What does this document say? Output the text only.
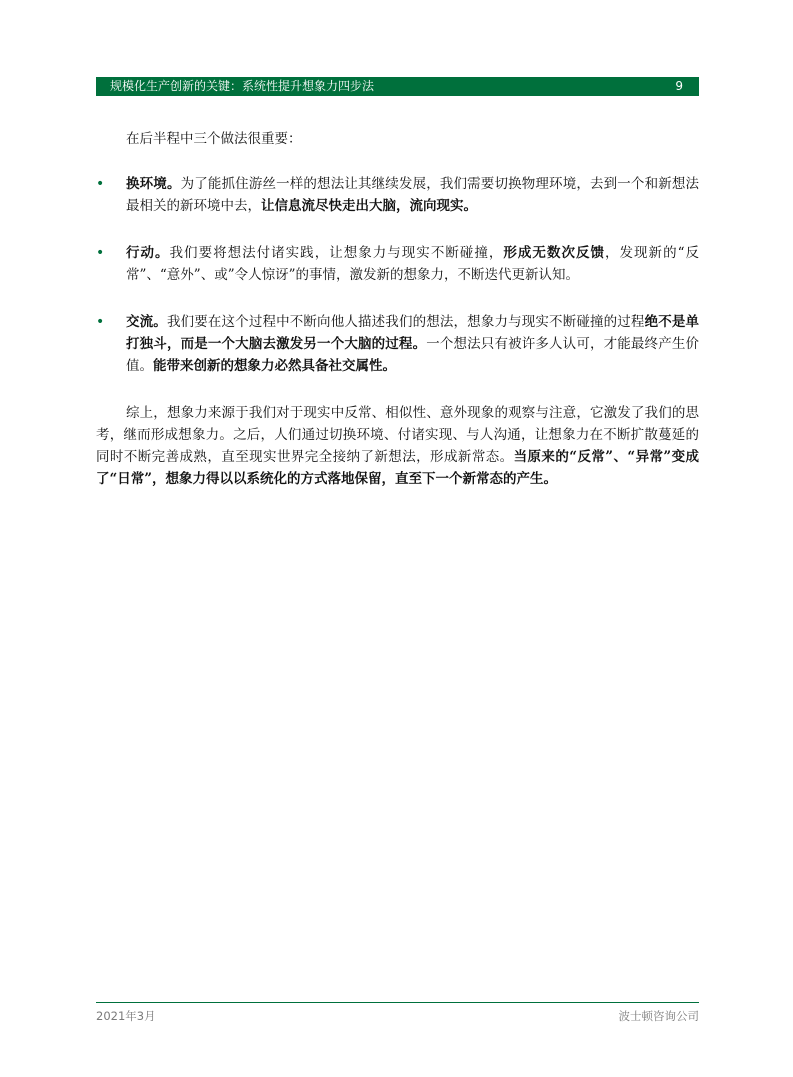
规模化生产创新的关键：系统性提升想象力四步法	9

在后半程中三个做法很重要：

• 换环境。为了能抓住游丝一样的想法让其继续发展，我们需要切换物理环境，去到一个和新想法最相关的新环境中去，让信息流尽快走出大脑，流向现实。
• 行动。我们要将想法付诸实践，让想象力与现实不断碰撞，形成无数次反馈，发现新的“反常”、“意外”、或”令人惊讶”的事情，激发新的想象力，不断迭代更新认知。
• 交流。我们要在这个过程中不断向他人描述我们的想法，想象力与现实不断碰撞的过程绝不是单打独斗，而是一个大脑去激发另一个大脑的过程。一个想法只有被许多人认可，才能最终产生价值。能带来创新的想象力必然具备社交属性。

综上，想象力来源于我们对于现实中反常、相似性、意外现象的观察与注意，它激发了我们的思考，继而形成想象力。之后，人们通过切换环境、付诸实现、与人沟通，让想象力在不断扩散蔓延的同时不断完善成熟，直至现实世界完全接纳了新想法，形成新常态。当原来的“反常”、“异常”变成了“日常”，想象力得以以系统化的方式落地保留，直至下一个新常态的产生。

2021年3月	波士顿咨询公司
